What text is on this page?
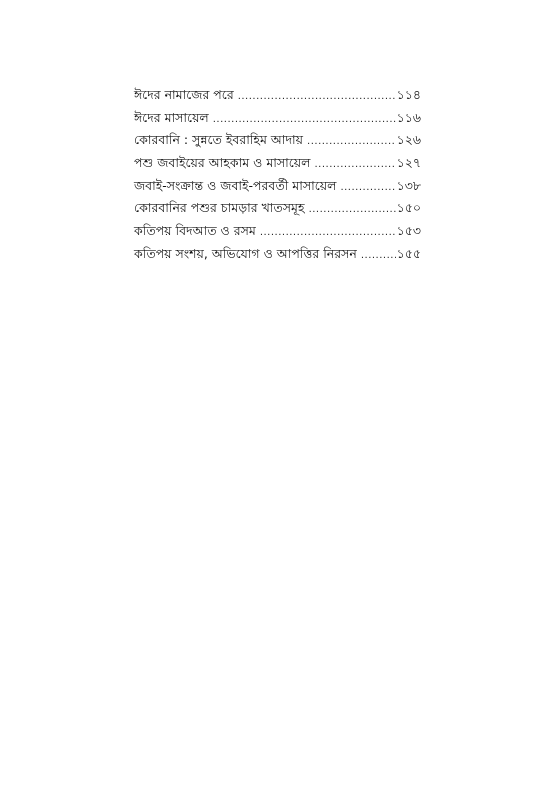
ঈদের নামাজের পরে .....	১১৪
ঈদের মাসায়েল .....	১১৬
কোরবানি : সুন্নতে ইবরাহিম আদায় .....	১২৬
পশু জবাইয়ের আহকাম ও মাসায়েল .....	১২৭
জবাই-সংক্রান্ত ও জবাই-পরবর্তী মাসায়েল .....	১৩৮
কোরবানির পশুর চামড়ার খাতসমূহ .....	১৫০
কতিপয় বিদআত ও রসম .....	১৫৩
কতিপয় সংশয়, অভিযোগ ও আপত্তির নিরসন .....	১৫৫
